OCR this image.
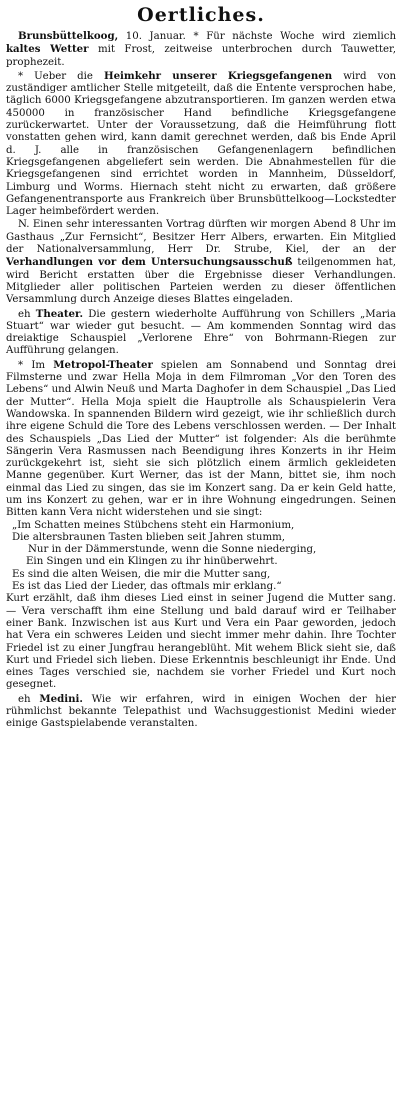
Oertliches.

Brunsbüttelkoog, 10. Januar. * Für nächste Woche wird ziemlich kaltes Wetter mit Frost, zeitweise unterbrochen durch Tauwetter, prophezeit.

* Ueber die Heimkehr unserer Kriegsgefangenen wird von zuständiger amtlicher Stelle mitgeteilt, daß die Entente versprochen habe, täglich 6000 Kriegsgefangene abzutransportieren. Im ganzen werden etwa 450000 in französischer Hand befindliche Kriegsgefangene zurückerwartet. Unter der Voraussetzung, daß die Heimführung flott vonstatten gehen wird, kann damit gerechnet werden, daß bis Ende April d. J. alle in französischen Gefangenenlagern befindlichen Kriegsgefangenen abgeliefert sein werden. Die Abnahmestellen für die Kriegsgefangenen sind errichtet worden in Mannheim, Düsseldorf, Limburg und Worms. Hiernach steht nicht zu erwarten, daß größere Gefangenentransporte aus Frankreich über Brunsbüttelkoog—Lockstedter Lager heimbefördert werden.

N. Einen sehr interessanten Vortrag dürften wir morgen Abend 8 Uhr im Gasthaus „Zur Fernsicht“, Besitzer Herr Albers, erwarten. Ein Mitglied der Nationalversammlung, Herr Dr. Strube, Kiel, der an der Verhandlungen vor dem Untersuchungsausschuß teilgenommen hat, wird Bericht erstatten über die Ergebnisse dieser Verhandlungen. Mitglieder aller politischen Parteien werden zu dieser öffentlichen Versammlung durch Anzeige dieses Blattes eingeladen.

eh Theater. Die gestern wiederholte Aufführung von Schillers „Maria Stuart“ war wieder gut besucht. — Am kommenden Sonntag wird das dreiaktige Schauspiel „Verlorene Ehre“ von Bohrmann-Riegen zur Aufführung gelangen.

* Im Metropol-Theater spielen am Sonnabend und Sonntag drei Filmsterne und zwar Hella Moja in dem Filmroman „Vor den Toren des Lebens“ und Alwin Neuß und Marta Daghofer in dem Schauspiel „Das Lied der Mutter“. Hella Moja spielt die Hauptrolle als Schauspielerin Vera Wandowska. In spannenden Bildern wird gezeigt, wie ihr schließlich durch ihre eigene Schuld die Tore des Lebens verschlossen werden. — Der Inhalt des Schauspiels „Das Lied der Mutter“ ist folgender: Als die berühmte Sängerin Vera Rasmussen nach Beendigung ihres Konzerts in ihr Heim zurückgekehrt ist, sieht sie sich plötzlich einem ärmlich gekleideten Manne gegenüber. Kurt Werner, das ist der Mann, bittet sie, ihm noch einmal das Lied zu singen, das sie im Konzert sang. Da er kein Geld hatte, um ins Konzert zu gehen, war er in ihre Wohnung eingedrungen. Seinen Bitten kann Vera nicht widerstehen und sie singt:

„Im Schatten meines Stübchens steht ein Harmonium,
Die altersbraunen Tasten blieben seit Jahren stumm,
Nur in der Dämmerstunde, wenn die Sonne niederging,
Ein Singen und ein Klingen zu ihr hinüberwehrt.
Es sind die alten Weisen, die mir die Mutter sang,
Es ist das Lied der Lieder, das oftmals mir erklang.“

Kurt erzählt, daß ihm dieses Lied einst in seiner Jugend die Mutter sang. — Vera verschafft ihm eine Stellung und bald darauf wird er Teilhaber einer Bank. Inzwischen ist aus Kurt und Vera ein Paar geworden, jedoch hat Vera ein schweres Leiden und siecht immer mehr dahin. Ihre Tochter Friedel ist zu einer Jungfrau herangeblüht. Mit wehem Blick sieht sie, daß Kurt und Friedel sich lieben. Diese Erkenntnis beschleunigt ihr Ende. Und eines Tages verschied sie, nachdem sie vorher Friedel und Kurt noch gesegnet.

eh Medini. Wie wir erfahren, wird in einigen Wochen der hier rühmlichst bekannte Telepathist und Wachsuggestionist Medini wieder einige Gastspielabende veranstalten.
